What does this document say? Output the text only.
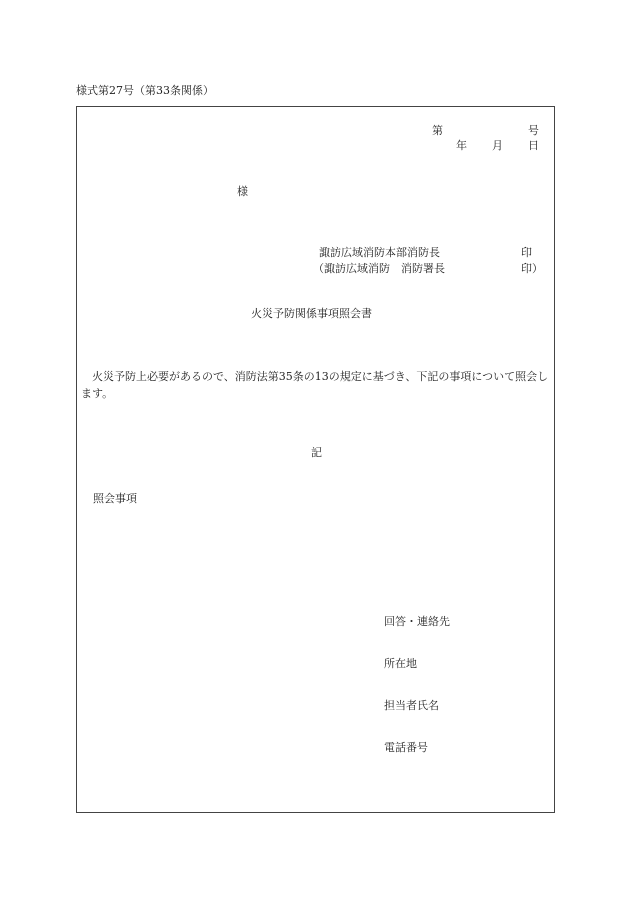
様式第27号（第33条関係）
第	号
年 月 日
様
諏訪広域消防本部消防長	印
（諏訪広域消防　消防署長	印）
火災予防関係事項照会書
火災予防上必要があるので、消防法第35条の13の規定に基づき、下記の事項について照会します。
記
照会事項
回答・連絡先
所在地
担当者氏名
電話番号
